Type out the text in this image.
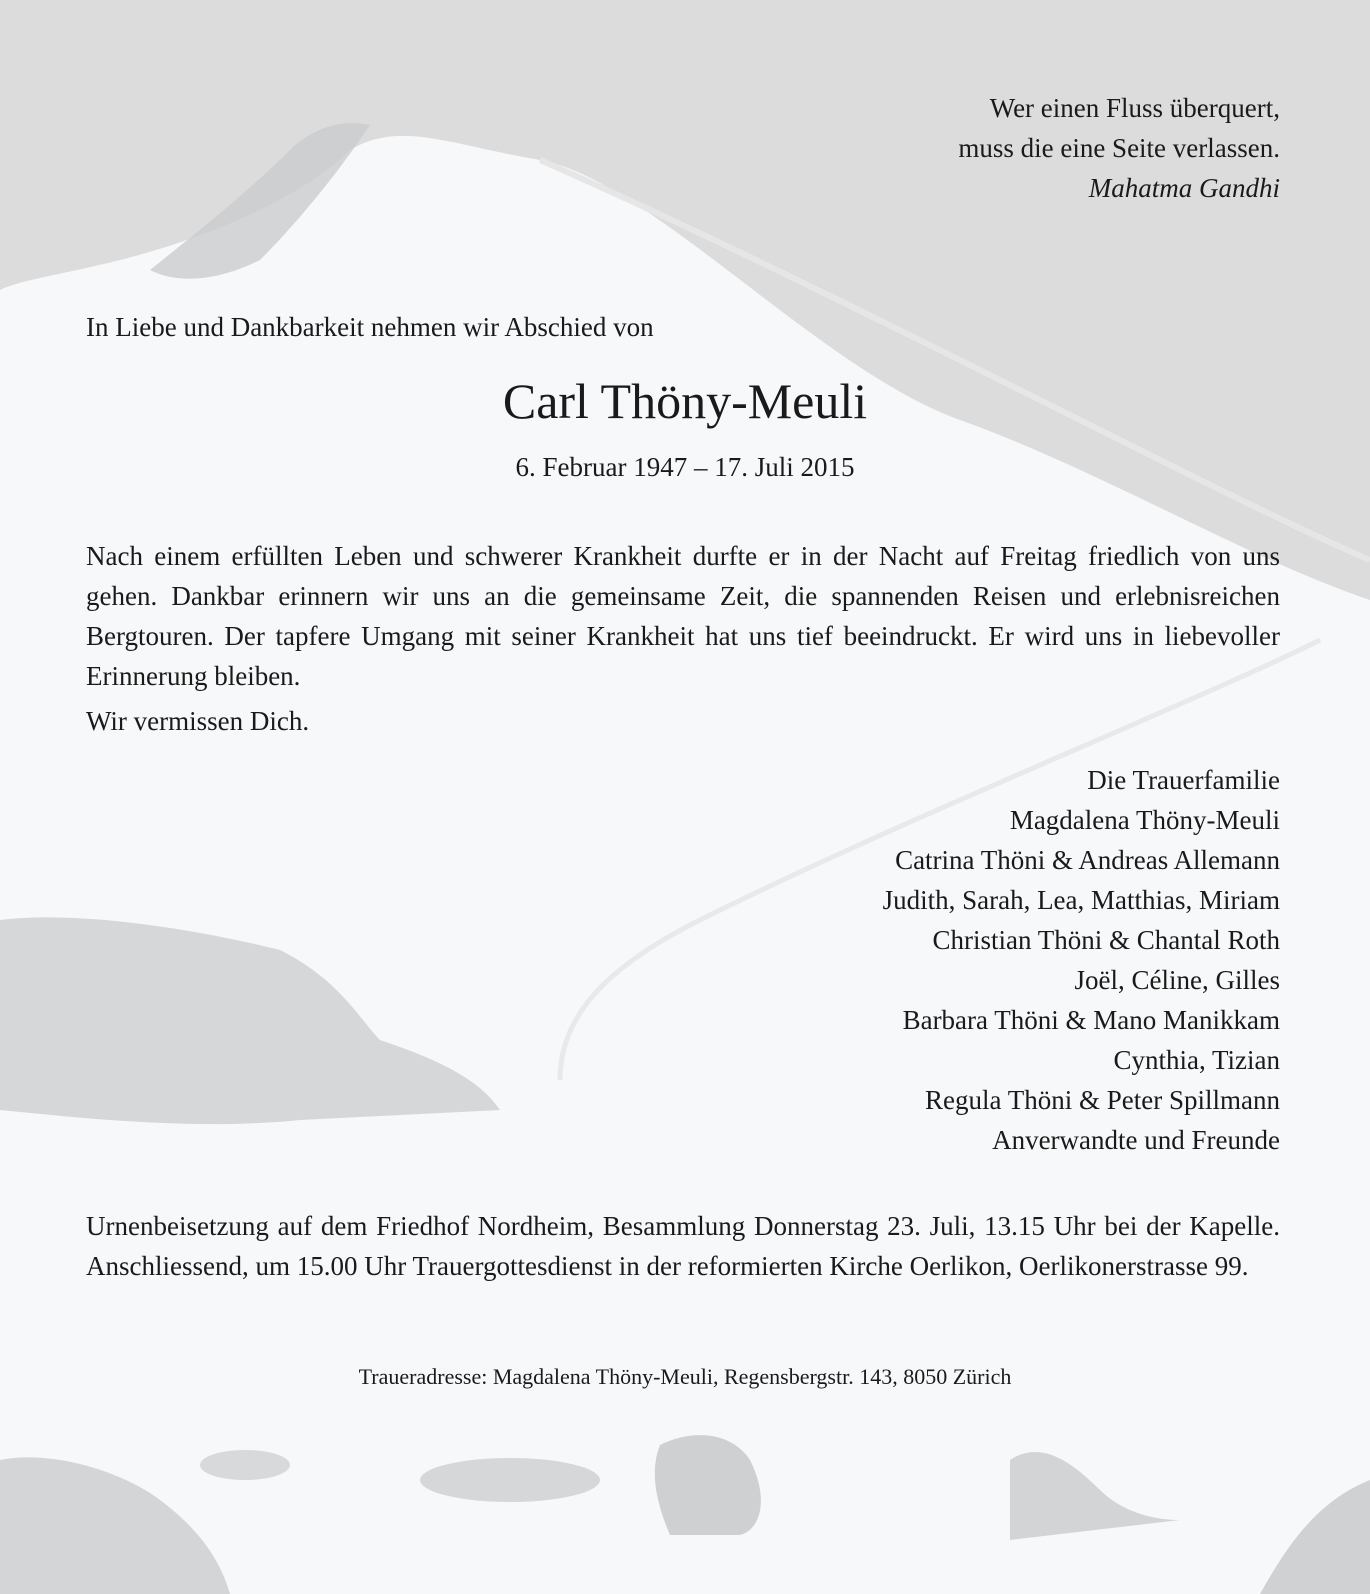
Wer einen Fluss überquert,
muss die eine Seite verlassen.
Mahatma Gandhi
In Liebe und Dankbarkeit nehmen wir Abschied von
Carl Thöny-Meuli
6. Februar 1947 – 17. Juli 2015
Nach einem erfüllten Leben und schwerer Krankheit durfte er in der Nacht auf Freitag friedlich von uns gehen. Dankbar erinnern wir uns an die gemeinsame Zeit, die spannenden Reisen und erlebnisreichen Bergtouren. Der tapfere Umgang mit seiner Krankheit hat uns tief beeindruckt. Er wird uns in liebevoller Erinnerung bleiben.
Wir vermissen Dich.
Die Trauerfamilie
Magdalena Thöny-Meuli
Catrina Thöni & Andreas Allemann
Judith, Sarah, Lea, Matthias, Miriam
Christian Thöni & Chantal Roth
Joël, Céline, Gilles
Barbara Thöni & Mano Manikkam
Cynthia, Tizian
Regula Thöni & Peter Spillmann
Anverwandte und Freunde
Urnenbeisetzung auf dem Friedhof Nordheim, Besammlung Donnerstag 23. Juli, 13.15 Uhr bei der Kapelle. Anschliessend, um 15.00 Uhr Trauergottesdienst in der reformierten Kirche Oerlikon, Oerlikonerstrasse 99.
Traueradresse: Magdalena Thöny-Meuli, Regensbergstr. 143, 8050 Zürich
